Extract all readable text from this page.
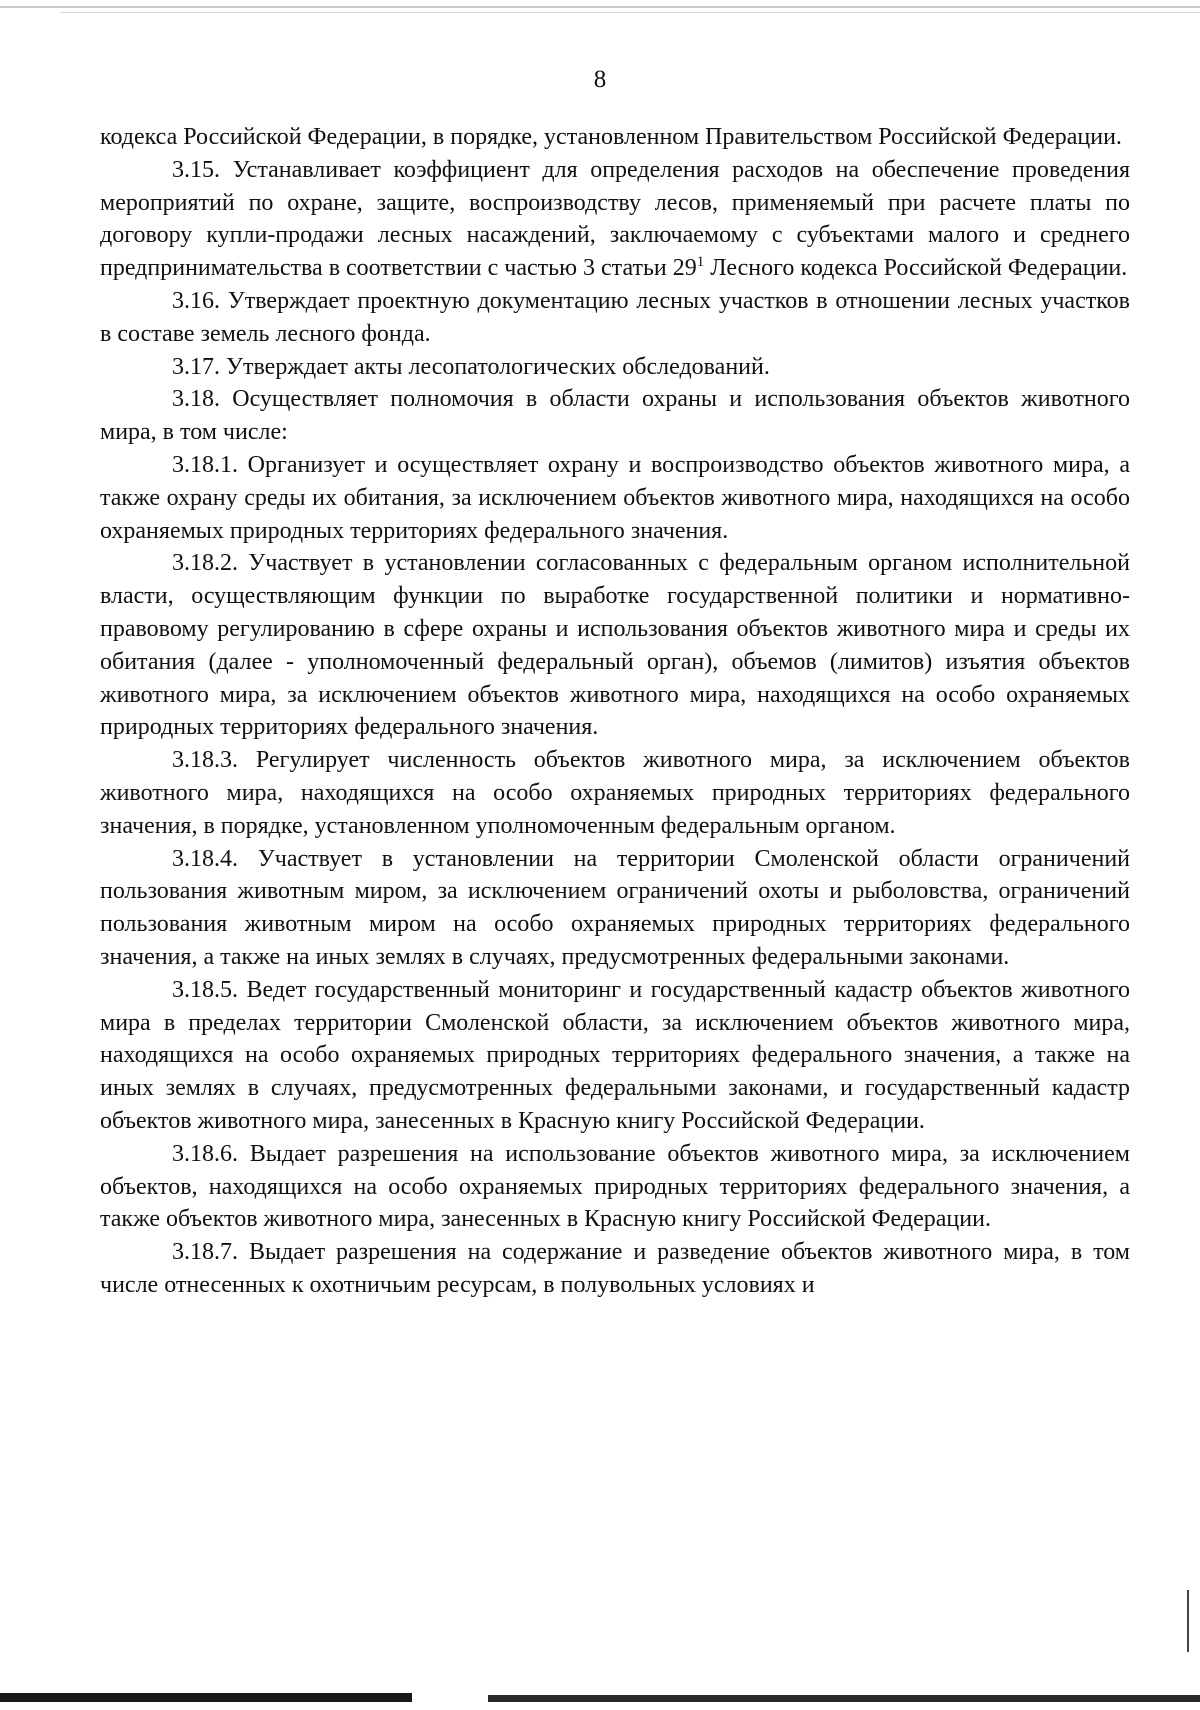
8

кодекса Российской Федерации, в порядке, установленном Правительством Российской Федерации.

3.15. Устанавливает коэффициент для определения расходов на обеспечение проведения мероприятий по охране, защите, воспроизводству лесов, применяемый при расчете платы по договору купли-продажи лесных насаждений, заключаемому с субъектами малого и среднего предпринимательства в соответствии с частью 3 статьи $29^1$ Лесного кодекса Российской Федерации.

3.16. Утверждает проектную документацию лесных участков в отношении лесных участков в составе земель лесного фонда.

3.17. Утверждает акты лесопатологических обследований.

3.18. Осуществляет полномочия в области охраны и использования объектов животного мира, в том числе:

3.18.1. Организует и осуществляет охрану и воспроизводство объектов животного мира, а также охрану среды их обитания, за исключением объектов животного мира, находящихся на особо охраняемых природных территориях федерального значения.

3.18.2. Участвует в установлении согласованных с федеральным органом исполнительной власти, осуществляющим функции по выработке государственной политики и нормативно-правовому регулированию в сфере охраны и использования объектов животного мира и среды их обитания (далее - уполномоченный федеральный орган), объемов (лимитов) изъятия объектов животного мира, за исключением объектов животного мира, находящихся на особо охраняемых природных территориях федерального значения.

3.18.3. Регулирует численность объектов животного мира, за исключением объектов животного мира, находящихся на особо охраняемых природных территориях федерального значения, в порядке, установленном уполномоченным федеральным органом.

3.18.4. Участвует в установлении на территории Смоленской области ограничений пользования животным миром, за исключением ограничений охоты и рыболовства, ограничений пользования животным миром на особо охраняемых природных территориях федерального значения, а также на иных землях в случаях, предусмотренных федеральными законами.

3.18.5. Ведет государственный мониторинг и государственный кадастр объектов животного мира в пределах территории Смоленской области, за исключением объектов животного мира, находящихся на особо охраняемых природных территориях федерального значения, а также на иных землях в случаях, предусмотренных федеральными законами, и государственный кадастр объектов животного мира, занесенных в Красную книгу Российской Федерации.

3.18.6. Выдает разрешения на использование объектов животного мира, за исключением объектов, находящихся на особо охраняемых природных территориях федерального значения, а также объектов животного мира, занесенных в Красную книгу Российской Федерации.

3.18.7. Выдает разрешения на содержание и разведение объектов животного мира, в том числе отнесенных к охотничьим ресурсам, в полувольных условиях и
